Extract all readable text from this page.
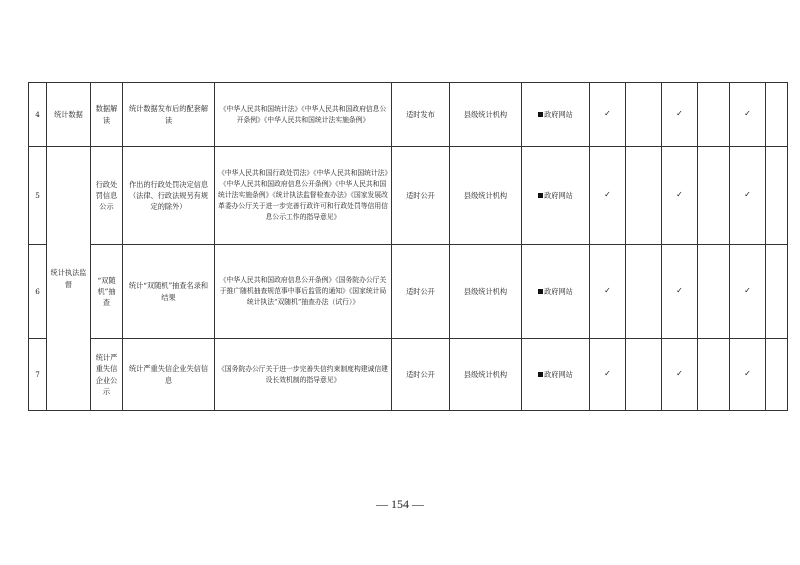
4	统计数据	数据解读	统计数据发布后的配套解读	《中华人民共和国统计法》《中华人民共和国政府信息公开条例》《中华人民共和国统计法实施条例》	适时发布	县级统计机构	政府网站	✓		✓		✓	
5	统计执法监督	行政处罚信息公示	作出的行政处罚决定信息（法律、行政法规另有规定的除外）	《中华人民共和国行政处罚法》《中华人民共和国统计法》《中华人民共和国政府信息公开条例》《中华人民共和国统计法实施条例》《统计执法监督检查办法》《国家发展改革委办公厅关于进一步完善行政许可和行政处罚等信用信息公示工作的指导意见》	适时公开	县级统计机构	政府网站	✓		✓		✓	
6		“双随机”抽查	统计“双随机”抽查名录和结果	《中华人民共和国政府信息公开条例》《国务院办公厅关于推广随机抽查规范事中事后监管的通知》《国家统计局统计执法“双随机”抽查办法（试行）》	适时公开	县级统计机构	政府网站	✓		✓		✓	
7		统计严重失信企业公示	统计严重失信企业失信信息	《国务院办公厅关于进一步完善失信约束制度构建诚信建设长效机制的指导意见》	适时公开	县级统计机构	政府网站	✓		✓		✓	
— 154 —
